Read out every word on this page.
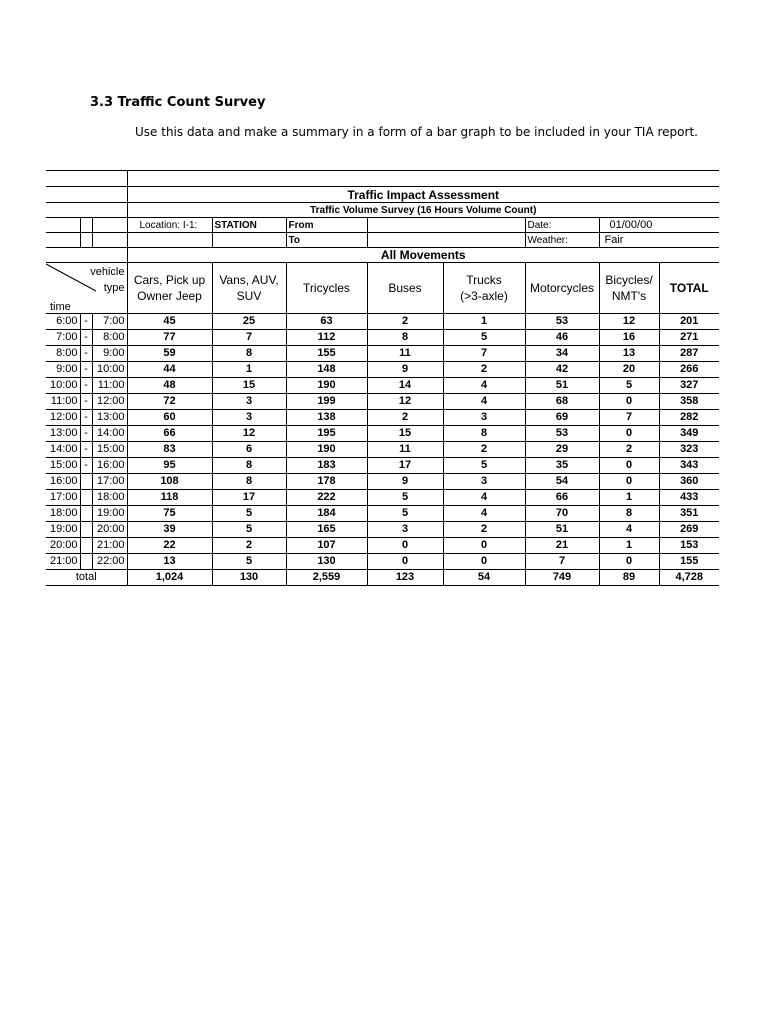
3.3 Traffic Count Survey
Use this data and make a summary in a form of a bar graph to be included in your TIA report.

			Traffic Impact Assessment							
			Traffic Volume Survey (16 Hours Volume Count)							
			Location: I-1:	STATION	From			Date:	01/00/00	
					To			Weather:	Fair	
			All Movements							

vehicle
type
time			Cars, Pick up Owner Jeep	Vans, AUV, SUV	Tricycles	Buses	Trucks (>3-axle)	Motorcycles	Bicycles/ NMT's	TOTAL
6:00	-	7:00	45	25	63	2	1	53	12	201
7:00	-	8:00	77	7	112	8	5	46	16	271
8:00	-	9:00	59	8	155	11	7	34	13	287
9:00	-	10:00	44	1	148	9	2	42	20	266
10:00	-	11:00	48	15	190	14	4	51	5	327
11:00	-	12:00	72	3	199	12	4	68	0	358
12:00	-	13:00	60	3	138	2	3	69	7	282
13:00	-	14:00	66	12	195	15	8	53	0	349
14:00	-	15:00	83	6	190	11	2	29	2	323
15:00	-	16:00	95	8	183	17	5	35	0	343
16:00		17:00	108	8	178	9	3	54	0	360
17:00		18:00	118	17	222	5	4	66	1	433
18:00		19:00	75	5	184	5	4	70	8	351
19:00		20:00	39	5	165	3	2	51	4	269
20:00		21:00	22	2	107	0	0	21	1	153
21:00		22:00	13	5	130	0	0	7	0	155
total			1,024	130	2,559	123	54	749	89	4,728
